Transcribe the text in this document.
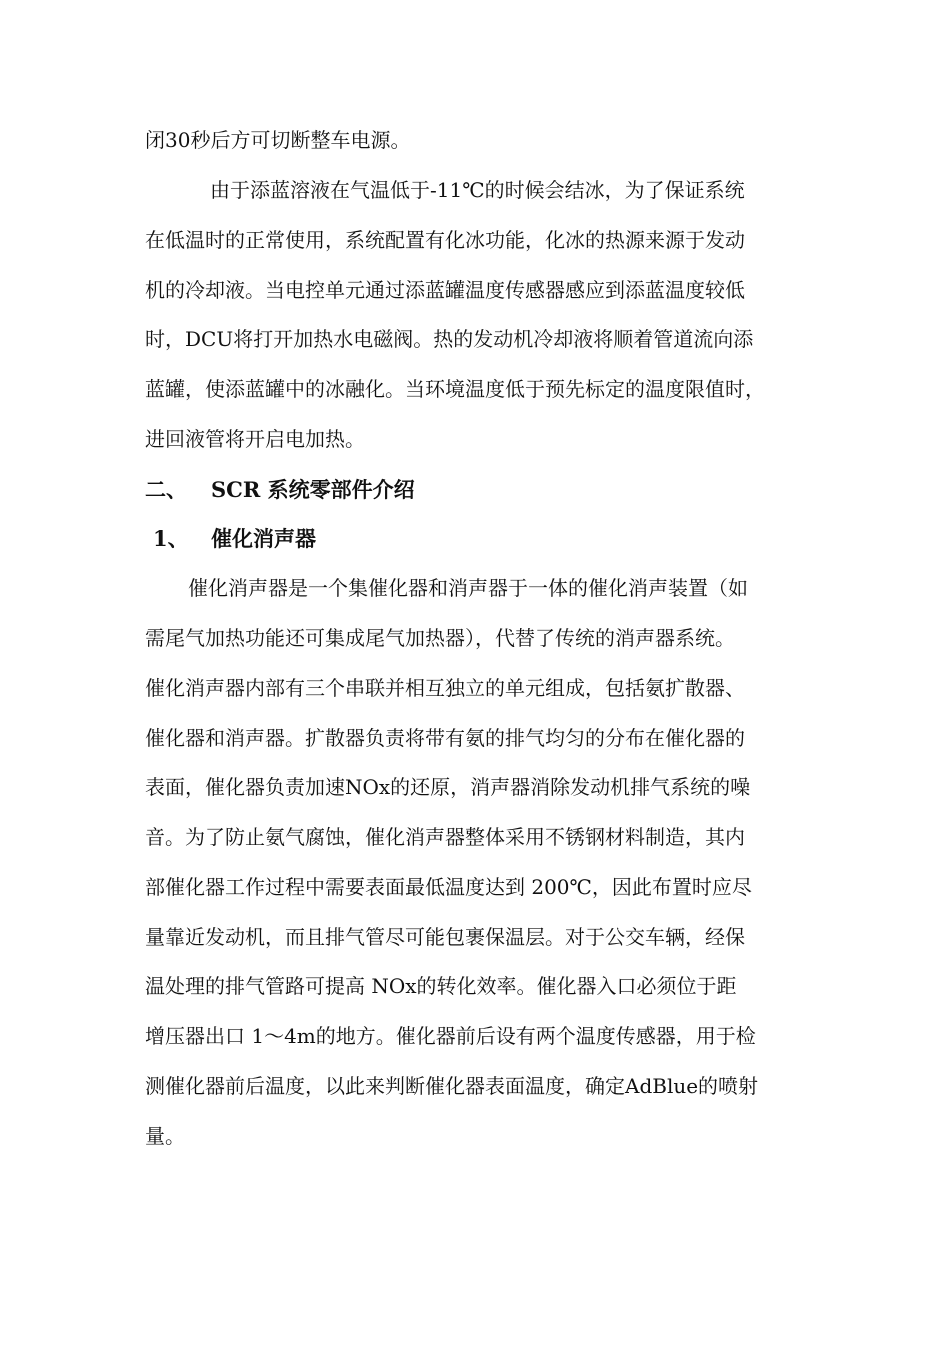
闭30秒后方可切断整车电源。
由于添蓝溶液在气温低于-11℃的时候会结冰，为了保证系统
在低温时的正常使用，系统配置有化冰功能，化冰的热源来源于发动
机的冷却液。当电控单元通过添蓝罐温度传感器感应到添蓝温度较低
时，DCU将打开加热水电磁阀。热的发动机冷却液将顺着管道流向添
蓝罐，使添蓝罐中的冰融化。当环境温度低于预先标定的温度限值时，
进回液管将开启电加热。
二、 SCR 系统零部件介绍
1、 催化消声器
催化消声器是一个集催化器和消声器于一体的催化消声装置（如
需尾气加热功能还可集成尾气加热器），代替了传统的消声器系统。
催化消声器内部有三个串联并相互独立的单元组成，包括氨扩散器、
催化器和消声器。扩散器负责将带有氨的排气均匀的分布在催化器的
表面，催化器负责加速NOx的还原，消声器消除发动机排气系统的噪
音。为了防止氨气腐蚀，催化消声器整体采用不锈钢材料制造，其内
部催化器工作过程中需要表面最低温度达到 200℃，因此布置时应尽
量靠近发动机，而且排气管尽可能包裹保温层。对于公交车辆，经保
温处理的排气管路可提高 NOx的转化效率。催化器入口必须位于距
增压器出口 1～4m的地方。催化器前后设有两个温度传感器，用于检
测催化器前后温度，以此来判断催化器表面温度，确定AdBlue的喷射
量。
